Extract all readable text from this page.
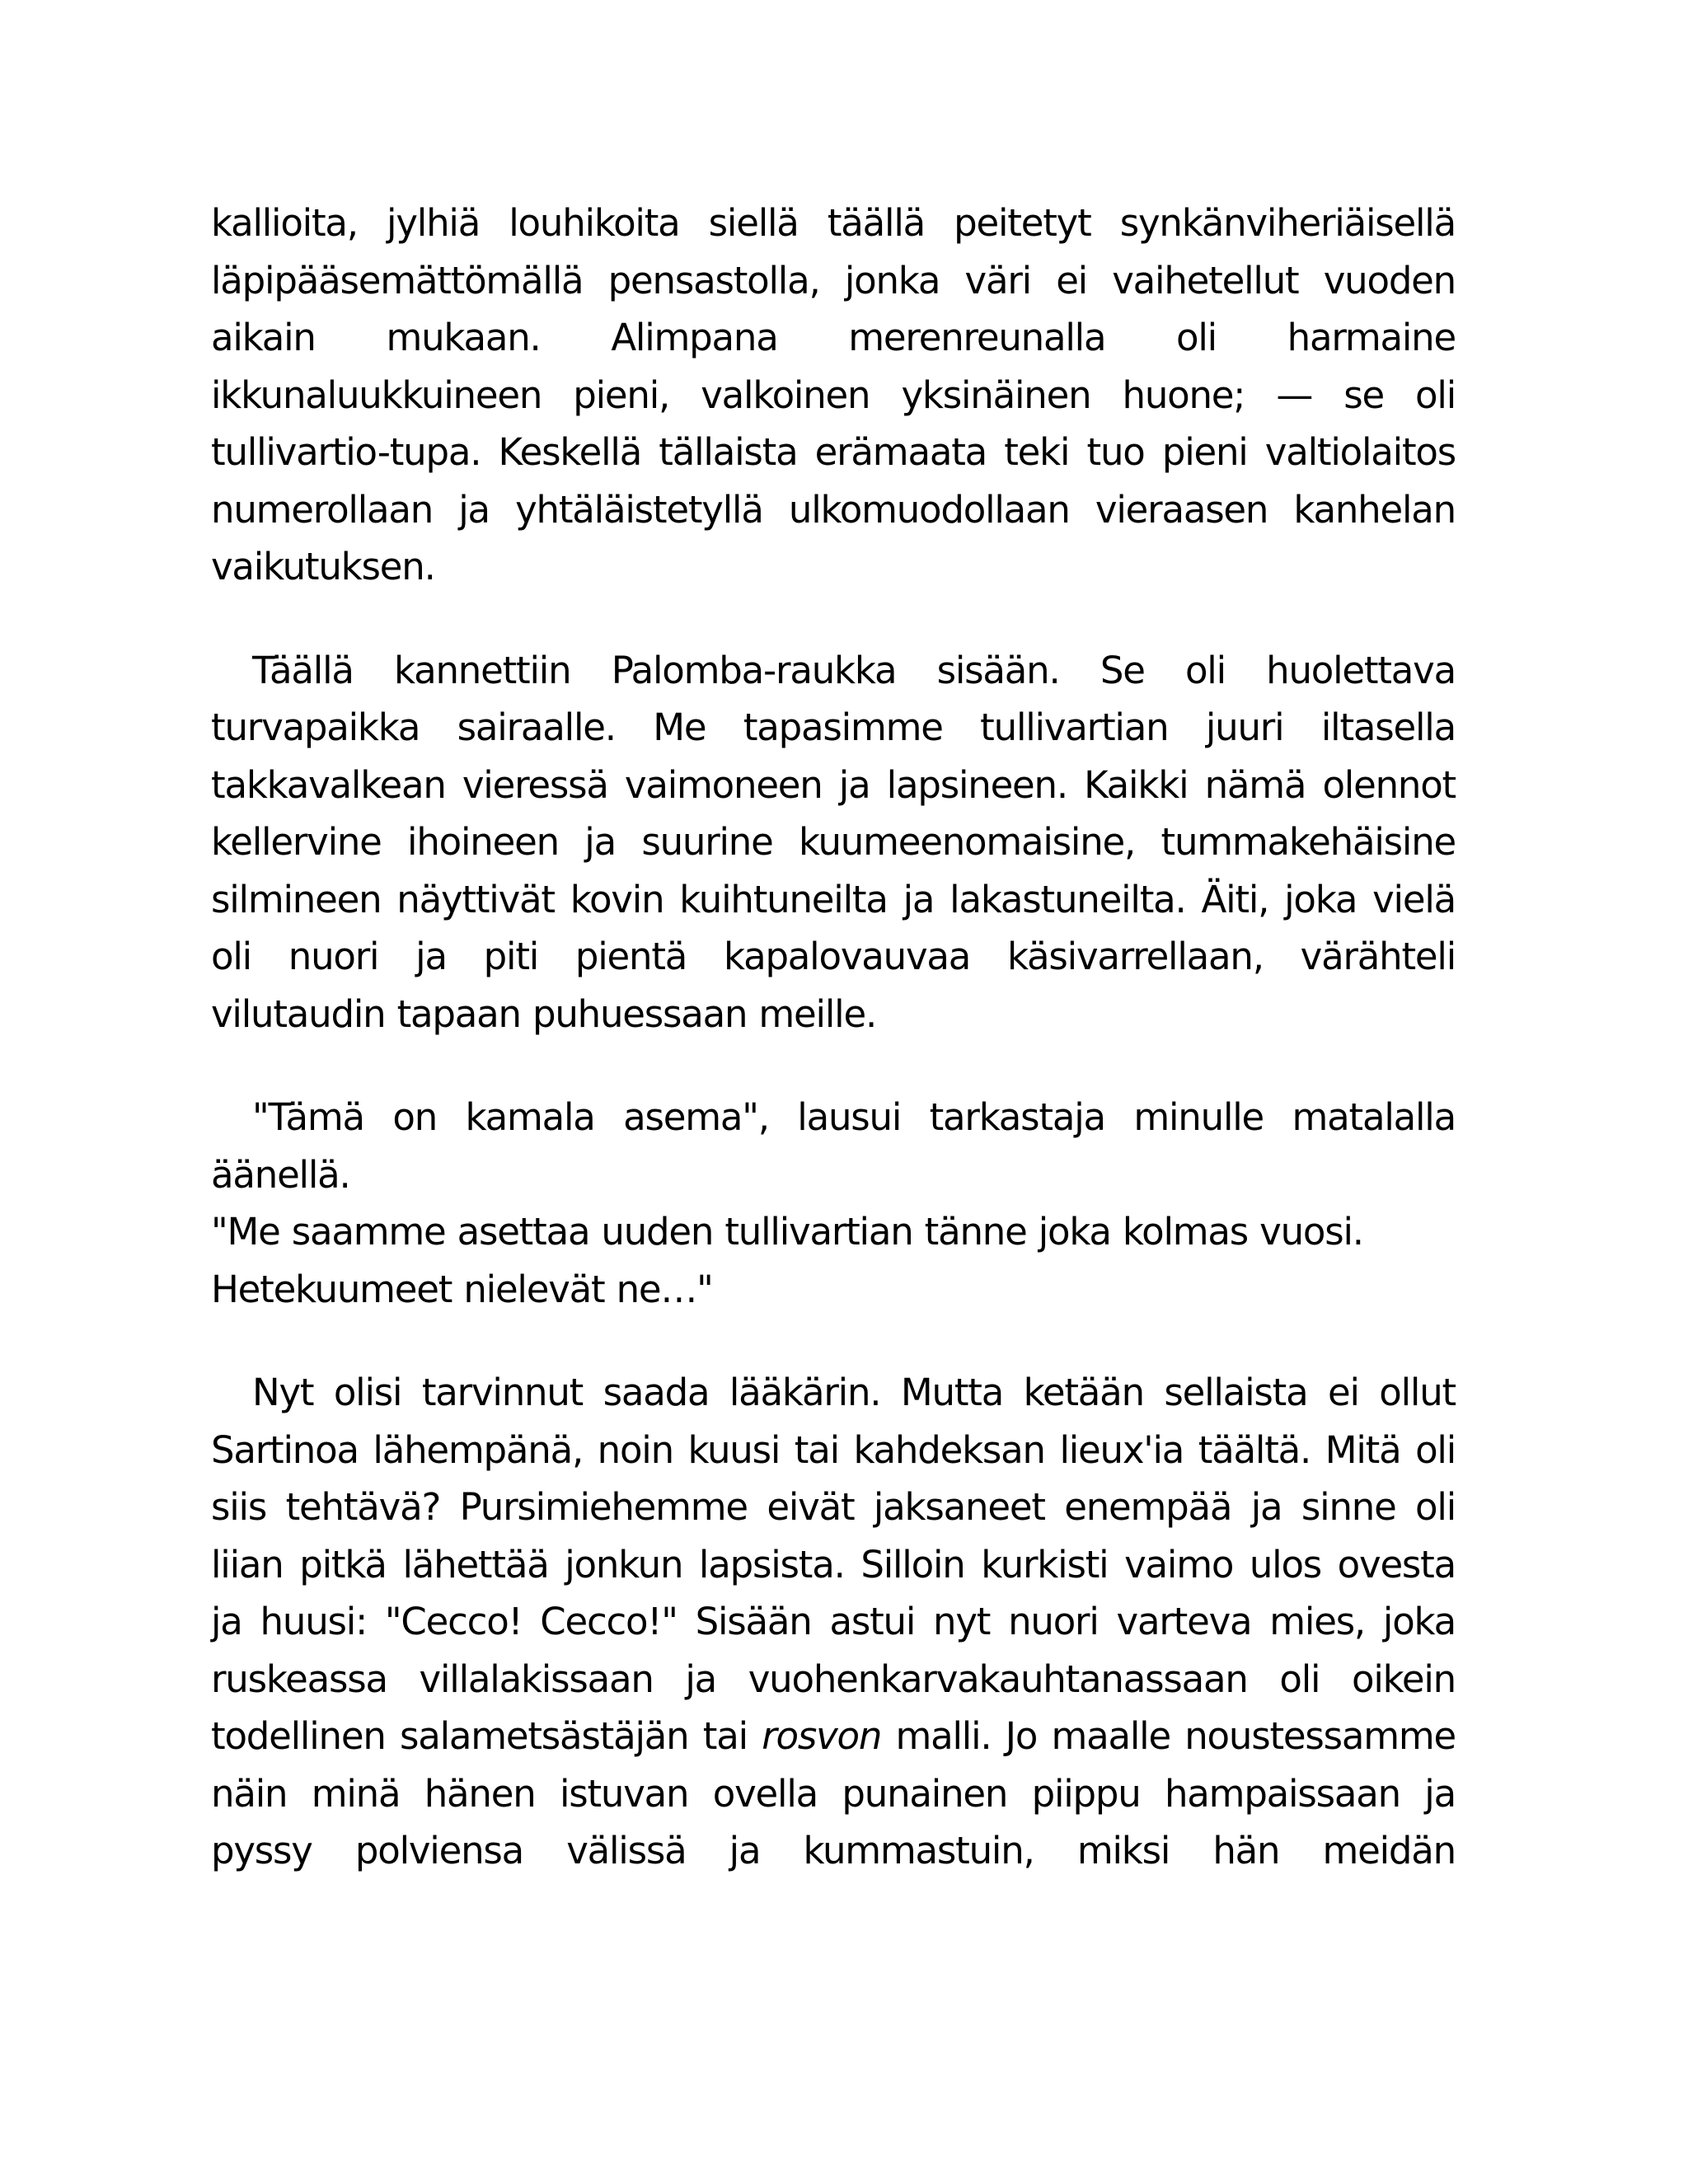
kallioita, jylhiä louhikoita siellä täällä peitetyt synkänviheriäisellä läpipääsemättömällä pensastolla, jonka väri ei vaihetellut vuoden aikain mukaan. Alimpana merenreunalla oli harmaine ikkunaluukkuineen pieni, valkoinen yksinäinen huone; — se oli tullivartio-tupa. Keskellä tällaista erämaata teki tuo pieni valtiolaitos numerollaan ja yhtäläistetyllä ulkomuodollaan vieraasen kanhelan vaikutuksen.

Täällä kannettiin Palomba-raukka sisään. Se oli huolettava turvapaikka sairaalle. Me tapasimme tullivartian juuri iltasella takkavalkean vieressä vaimoneen ja lapsineen. Kaikki nämä olennot kellervine ihoineen ja suurine kuumeenomaisine, tummakehäisine silmineen näyttivät kovin kuihtuneilta ja lakastuneilta. Äiti, joka vielä oli nuori ja piti pientä kapalovauvaa käsivarrellaan, värähteli vilutaudin tapaan puhuessaan meille.

"Tämä on kamala asema", lausui tarkastaja minulle matalalla äänellä.
"Me saamme asettaa uuden tullivartian tänne joka kolmas vuosi.
Hetekuumeet nielevät ne…"

Nyt olisi tarvinnut saada lääkärin. Mutta ketään sellaista ei ollut Sartinoa lähempänä, noin kuusi tai kahdeksan lieux'ia täältä. Mitä oli siis tehtävä? Pursimiehemme eivät jaksaneet enempää ja sinne oli liian pitkä lähettää jonkun lapsista. Silloin kurkisti vaimo ulos ovesta ja huusi: "Cecco! Cecco!" Sisään astui nyt nuori varteva mies, joka ruskeassa villalakissaan ja vuohenkarvakauhtanassaan oli oikein todellinen salametsästäjän tai rosvon malli. Jo maalle noustessamme näin minä hänen istuvan ovella punainen piippu hampaissaan ja pyssy polviensa välissä ja kummastuin, miksi hän meidän
